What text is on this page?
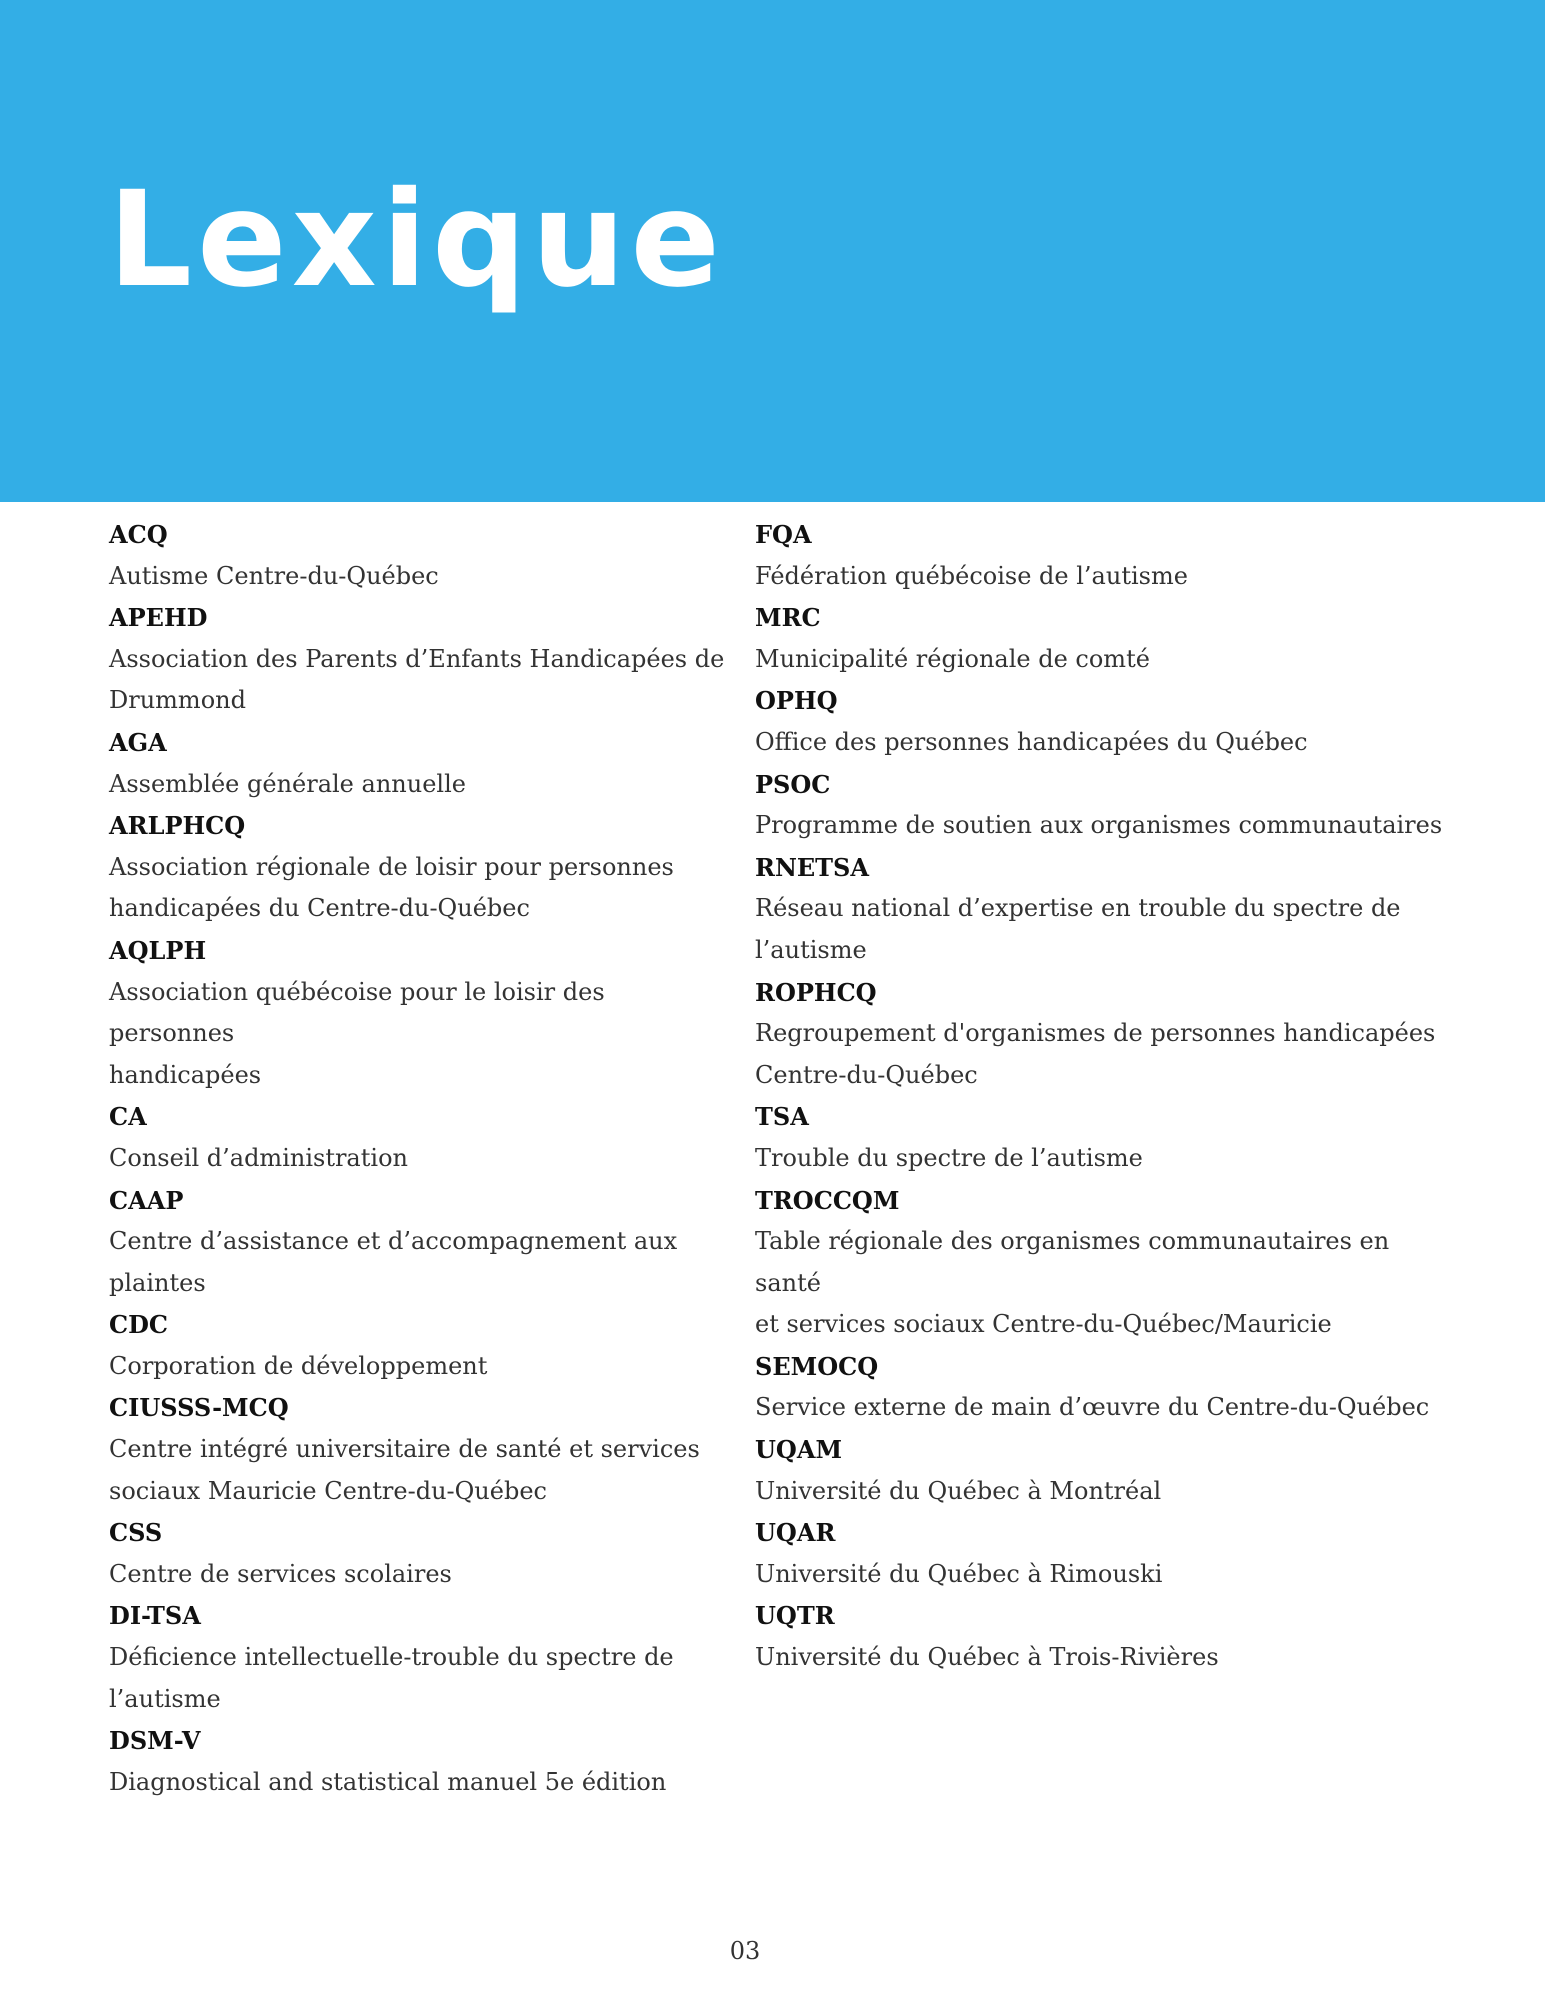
Lexique
ACQ
Autisme Centre-du-Québec
APEHD
Association des Parents d’Enfants Handicapées de
Drummond
AGA
Assemblée générale annuelle
ARLPHCQ
Association régionale de loisir pour personnes
handicapées du Centre-du-Québec
AQLPH
Association québécoise pour le loisir des personnes
handicapées
CA
Conseil d’administration
CAAP
Centre d’assistance et d’accompagnement aux
plaintes
CDC
Corporation de développement
CIUSSS-MCQ
Centre intégré universitaire de santé et services
sociaux Mauricie Centre-du-Québec
CSS
Centre de services scolaires
DI-TSA
Déficience intellectuelle-trouble du spectre de
l’autisme
DSM-V
Diagnostical and statistical manuel 5e édition
FQA
Fédération québécoise de l’autisme
MRC
Municipalité régionale de comté
OPHQ
Office des personnes handicapées du Québec
PSOC
Programme de soutien aux organismes communautaires
RNETSA
Réseau national d’expertise en trouble du spectre de
l’autisme
ROPHCQ
Regroupement d'organismes de personnes handicapées
Centre-du-Québec
TSA
Trouble du spectre de l’autisme
TROCCQM
Table régionale des organismes communautaires en santé
et services sociaux Centre-du-Québec/Mauricie
SEMOCQ
Service externe de main d’œuvre du Centre-du-Québec
UQAM
Université du Québec à Montréal
UQAR
Université du Québec à Rimouski
UQTR
Université du Québec à Trois-Rivières
03
